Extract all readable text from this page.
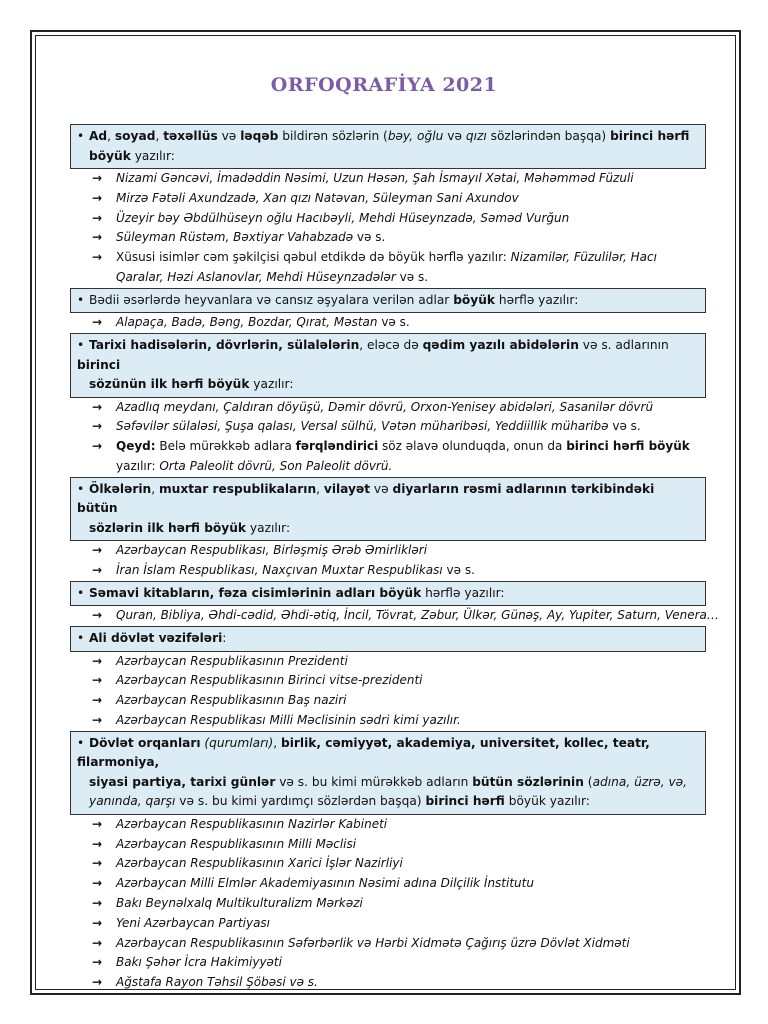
ORFOQRAFİYA 2021
• Ad, soyad, təxəllüs və ləqəb bildirən sözlərin (bəy, oğlu və qızı sözlərindən başqa) birinci hərfi
böyük yazılır:
→ Nizami Gəncəvi, İmadəddin Nəsimi, Uzun Həsən, Şah İsmayıl Xətai, Məhəmməd Füzuli
→ Mirzə Fətəli Axundzadə, Xan qızı Natəvan, Süleyman Sani Axundov
→ Üzeyir bəy Əbdülhüseyn oğlu Hacıbəyli, Mehdi Hüseynzadə, Səməd Vurğun
→ Süleyman Rüstəm, Bəxtiyar Vahabzadə və s.
→ Xüsusi isimlər cəm şəkilçisi qəbul etdikdə də böyük hərflə yazılır: Nizamilər, Füzulilər, Hacı
Qaralar, Həzi Aslanovlar, Mehdi Hüseynzadələr və s.
• Bədii əsərlərdə heyvanlara və cansız əşyalara verilən adlar böyük hərflə yazılır:
→ Alapaça, Badə, Bəng, Bozdar, Qırat, Məstan və s.
• Tarixi hadisələrin, dövrlərin, sülalələrin, eləcə də qədim yazılı abidələrin və s. adlarının birinci
sözünün ilk hərfi böyük yazılır:
→ Azadlıq meydanı, Çaldıran döyüşü, Dəmir dövrü, Orxon-Yenisey abidələri, Sasanilər dövrü
→ Səfəvilər sülaləsi, Şuşa qalası, Versal sülhü, Vətən müharibəsi, Yeddiillik müharibə və s.
→ Qeyd: Belə mürəkkəb adlara fərqləndirici söz əlavə olunduqda, onun da birinci hərfi böyük
yazılır: Orta Paleolit dövrü, Son Paleolit dövrü.
• Ölkələrin, muxtar respublikaların, vilayət və diyarların rəsmi adlarının tərkibindəki bütün
sözlərin ilk hərfi böyük yazılır:
→ Azərbaycan Respublikası, Birləşmiş Ərəb Əmirlikləri
→ İran İslam Respublikası, Naxçıvan Muxtar Respublikası və s.
• Səmavi kitabların, fəza cisimlərinin adları böyük hərflə yazılır:
→ Quran, Bibliya, Əhdi-cədid, Əhdi-ətiq, İncil, Tövrat, Zəbur, Ülkər, Günəş, Ay, Yupiter, Saturn, Venera…
• Ali dövlət vəzifələri:
→ Azərbaycan Respublikasının Prezidenti
→ Azərbaycan Respublikasının Birinci vitse-prezidenti
→ Azərbaycan Respublikasının Baş naziri
→ Azərbaycan Respublikası Milli Məclisinin sədri kimi yazılır.
• Dövlət orqanları (qurumları), birlik, cəmiyyət, akademiya, universitet, kollec, teatr, filarmoniya,
siyasi partiya, tarixi günlər və s. bu kimi mürəkkəb adların bütün sözlərinin (adına, üzrə, və,
yanında, qarşı və s. bu kimi yardımçı sözlərdən başqa) birinci hərfi böyük yazılır:
→ Azərbaycan Respublikasının Nazirlər Kabineti
→ Azərbaycan Respublikasının Milli Məclisi
→ Azərbaycan Respublikasının Xarici İşlər Nazirliyi
→ Azərbaycan Milli Elmlər Akademiyasının Nəsimi adına Dilçilik İnstitutu
→ Bakı Beynəlxalq Multikulturalizm Mərkəzi
→ Yeni Azərbaycan Partiyası
→ Azərbaycan Respublikasının Səfərbərlik və Hərbi Xidmətə Çağırış üzrə Dövlət Xidməti
→ Bakı Şəhər İcra Hakimiyyəti
→ Ağstafa Rayon Təhsil Şöbəsi və s.
